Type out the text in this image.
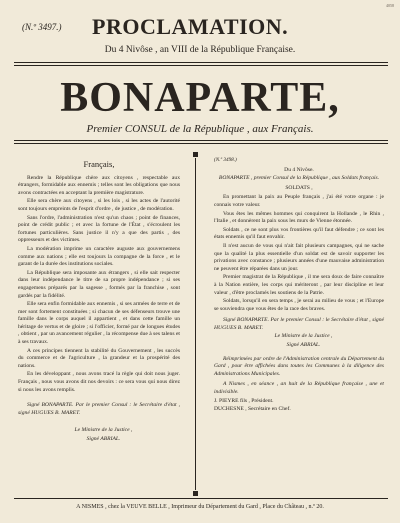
4058
(N.º 3497.) PROCLAMATION.
Du 4 Nivôse , an VIII de la République Française.
BONAPARTE,
Premier CONSUL de la République , aux Français.
Français,

Rendre la République chère aux citoyens , respectable aux étrangers, formidable aux ennemis ; telles sont les obligations que nous avons contractées en acceptant la première magistrature.

Elle sera chère aux citoyens , si les lois , si les actes de l'autorité sont toujours empreints de l'esprit d'ordre , de justice , de modération.

Sans l'ordre, l'administration n'est qu'un chaos ; point de finances, point de crédit public ; et avec la fortune de l'État , s'écroulent les fortunes particulières. Sans justice il n'y a que des partis , des oppresseurs et des victimes.

La modération imprime un caractère auguste aux gouvernemens comme aux nations ; elle est toujours la compagne de la force , et le garant de la durée des institutions sociales.

La République sera imposante aux étrangers , si elle sait respecter dans leur indépendance le titre de sa propre indépendance ; si ses engagemens préparés par la sagesse , formés par la franchise , sont gardés par la fidélité.

Elle sera enfin formidable aux ennemis , si ses armées de terre et de mer sont fortement constituées ; si chacun de ses défenseurs trouve une famille dans le corps auquel il appartient , et dans cette famille un héritage de vertus et de gloire ; si l'officier, formé par de longues études , obtient , par un avancement régulier , la récompense due à ses talens et à ses travaux.

A ces principes tiennent la stabilité du Gouvernement , les succès du commerce et de l'agriculture , la grandeur et la prospérité des nations.

En les développant , nous avons tracé la règle qui doit nous juger. Français , nous vous avons dit nos devoirs : ce sera vous qui nous direz si nous les avons remplis.

Signé BONAPARTE. Par le premier Consul : le Secrétaire d'état , signé HUGUES B. MARET.

Le Ministre de la Justice ,

Signé ABRIAL.

(N.º 3498.)

Du 4 Nivôse.

BONAPARTE , premier Consul de la République , aux Soldats français.

SOLDATS ,

En promettant la paix au Peuple français , j'ai été votre organe : je connais votre valeur.

Vous êtes les mêmes hommes qui conquirent la Hollande , le Rhin , l'Italie , et donnèrent la paix sous les murs de Vienne étonnée.

Soldats , ce ne sont plus vos frontières qu'il faut défendre ; ce sont les états ennemis qu'il faut envahir.

Il n'est aucun de vous qui n'ait fait plusieurs campagnes, qui ne sache que la qualité la plus essentielle d'un soldat est de savoir supporter les privations avec constance ; plusieurs années d'une mauvaise administration ne peuvent être réparées dans un jour.

Premier magistrat de la République , il me sera doux de faire connaître à la Nation entière, les corps qui mériteront , par leur discipline et leur valeur , d'être proclamés les soutiens de la Patrie.

Soldats, lorsqu'il en sera temps , je serai au milieu de vous ; et l'Europe se souviendra que vous êtes de la race des braves.

Signé BONAPARTE. Par le premier Consul : le Secrétaire d'état , signé HUGUES B. MARET.

Le Ministre de la Justice ,

Signé ABRIAL.

Réimprimées par ordre de l'Administration centrale du Département du Gard , pour être affichées dans toutes les Communes à la diligence des Administrations Municipales.

A Nismes , en séance , an huit de la République française , une et indivisible.

J. PIEYRE fils , Président.

DUCHESNE , Secrétaire en Chef.

A NISMES , chez la VEUVE BELLE , Imprimeur du Département du Gard , Place du Château , n.º 20.
